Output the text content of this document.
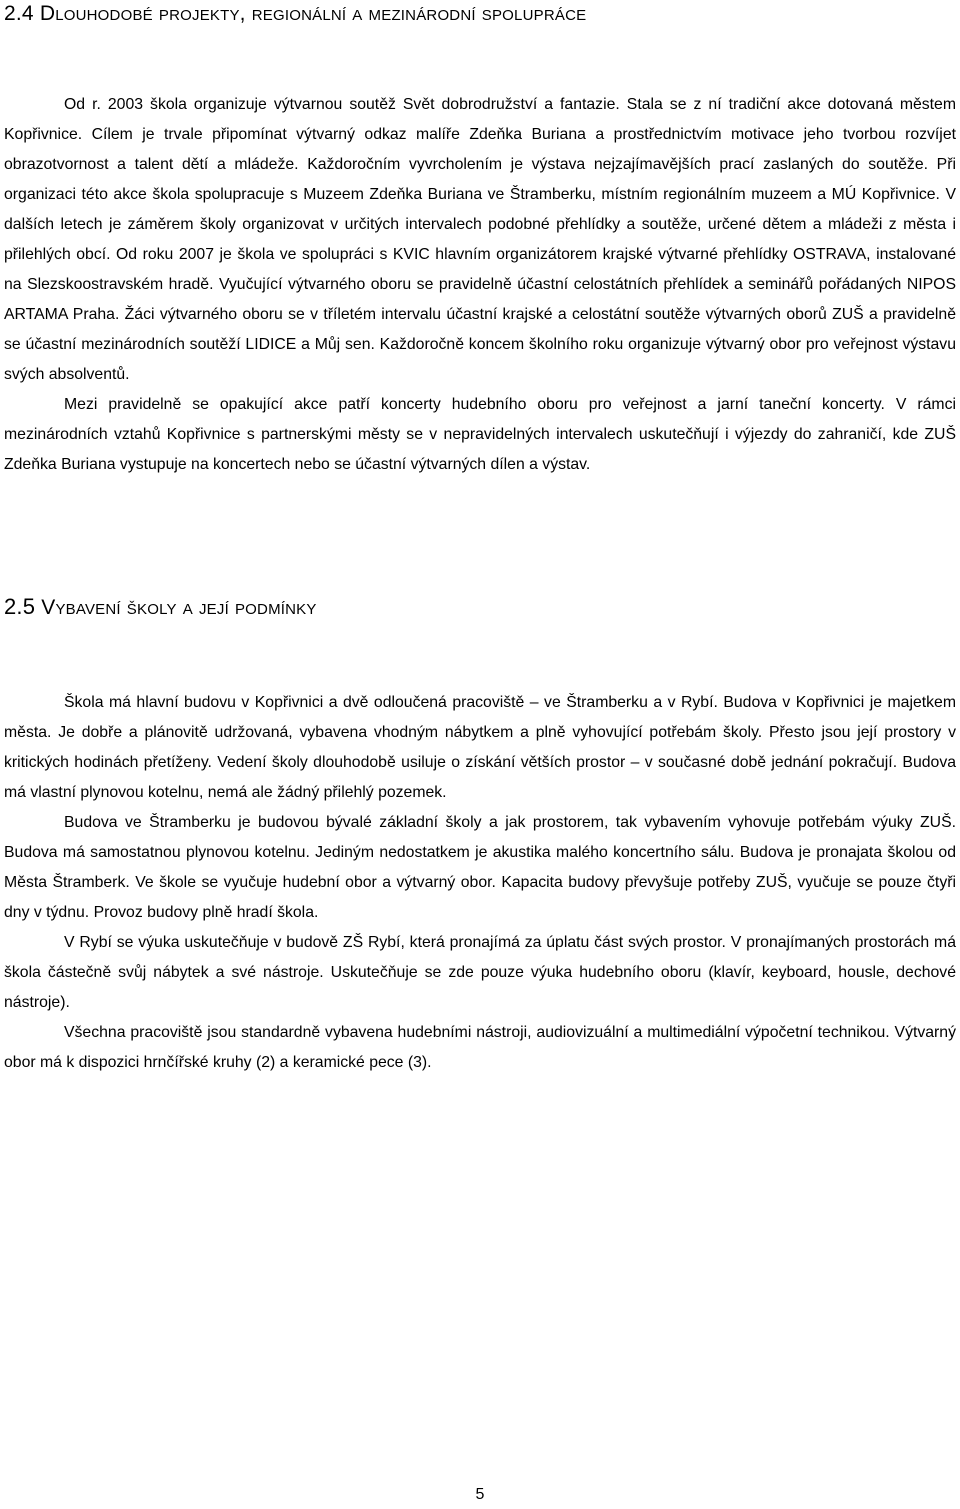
2.4 Dlouhodobé projekty, regionální a mezinárodní spolupráce

Od r. 2003 škola organizuje výtvarnou soutěž Svět dobrodružství a fantazie. Stala se z ní tradiční akce dotovaná městem Kopřivnice. Cílem je trvale připomínat výtvarný odkaz malíře Zdeňka Buriana a prostřednictvím motivace jeho tvorbou rozvíjet obrazotvornost a talent dětí a mládeže. Každoročním vyvrcholením je výstava nejzajímavějších prací zaslaných do soutěže. Při organizaci této akce škola spolupracuje s Muzeem Zdeňka Buriana ve Štramberku, místním regionálním muzeem a MÚ Kopřivnice. V dalších letech je záměrem školy organizovat v určitých intervalech podobné přehlídky a soutěže, určené dětem a mládeži z města i přilehlých obcí. Od roku 2007 je škola ve spolupráci s KVIC hlavním organizátorem krajské výtvarné přehlídky OSTRAVA, instalované na Slezskoostravském hradě. Vyučující výtvarného oboru se pravidelně účastní celostátních přehlídek a seminářů pořádaných NIPOS ARTAMA Praha. Žáci výtvarného oboru se v tříletém intervalu účastní krajské a celostátní soutěže výtvarných oborů ZUŠ a pravidelně se účastní mezinárodních soutěží LIDICE a Můj sen. Každoročně koncem školního roku organizuje výtvarný obor pro veřejnost výstavu svých absolventů.

Mezi pravidelně se opakující akce patří koncerty hudebního oboru pro veřejnost a jarní taneční koncerty. V rámci mezinárodních vztahů Kopřivnice s partnerskými městy se v nepravidelných intervalech uskutečňují i výjezdy do zahraničí, kde ZUŠ Zdeňka Buriana vystupuje na koncertech nebo se účastní výtvarných dílen a výstav.

2.5 Vybavení školy a její podmínky

Škola má hlavní budovu v Kopřivnici a dvě odloučená pracoviště – ve Štramberku a v Rybí. Budova v Kopřivnici je majetkem města. Je dobře a plánovitě udržovaná, vybavena vhodným nábytkem a plně vyhovující potřebám školy. Přesto jsou její prostory v kritických hodinách přetíženy. Vedení školy dlouhodobě usiluje o získání větších prostor – v současné době jednání pokračují. Budova má vlastní plynovou kotelnu, nemá ale žádný přilehlý pozemek.

Budova ve Štramberku je budovou bývalé základní školy a jak prostorem, tak vybavením vyhovuje potřebám výuky ZUŠ. Budova má samostatnou plynovou kotelnu. Jediným nedostatkem je akustika malého koncertního sálu. Budova je pronajata školou od Města Štramberk. Ve škole se vyučuje hudební obor a výtvarný obor. Kapacita budovy převyšuje potřeby ZUŠ, vyučuje se pouze čtyři dny v týdnu. Provoz budovy plně hradí škola.

V Rybí se výuka uskutečňuje v budově ZŠ Rybí, která pronajímá za úplatu část svých prostor. V pronajímaných prostorách má škola částečně svůj nábytek a své nástroje. Uskutečňuje se zde pouze výuka hudebního oboru (klavír, keyboard, housle, dechové nástroje).

Všechna pracoviště jsou standardně vybavena hudebními nástroji, audiovizuální a multimediální výpočetní technikou. Výtvarný obor má k dispozici hrnčířské kruhy (2) a keramické pece (3).

5
